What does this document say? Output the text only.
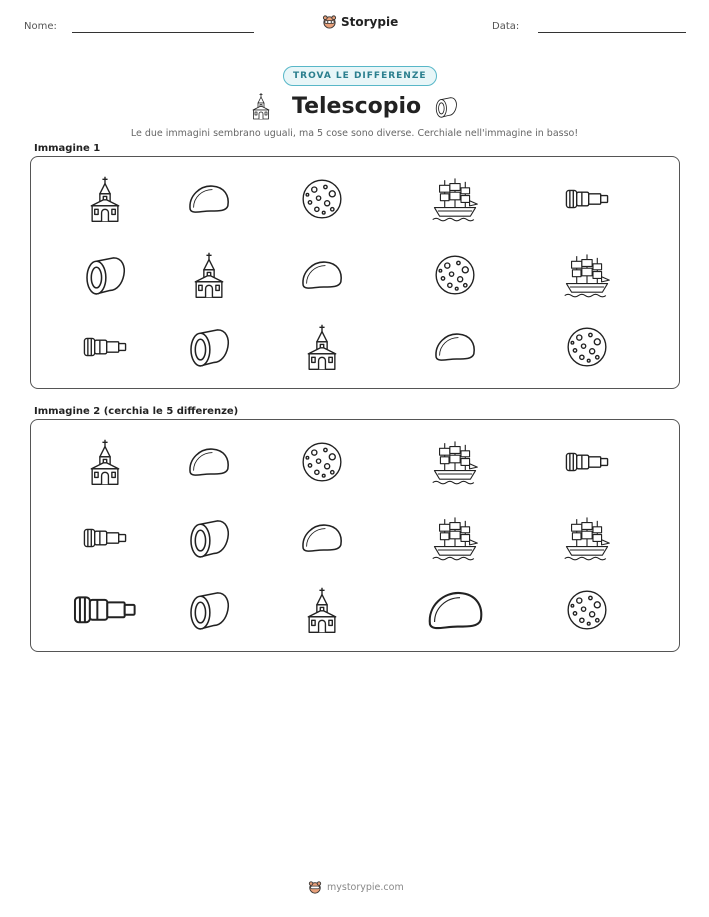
Nome:	Storypie	Data:
TROVA LE DIFFERENZE
Telescopio
Le due immagini sembrano uguali, ma 5 cose sono diverse. Cerchiale nell'immagine in basso!
Immagine 1
Immagine 2 (cerchia le 5 differenze)
mystorypie.com
